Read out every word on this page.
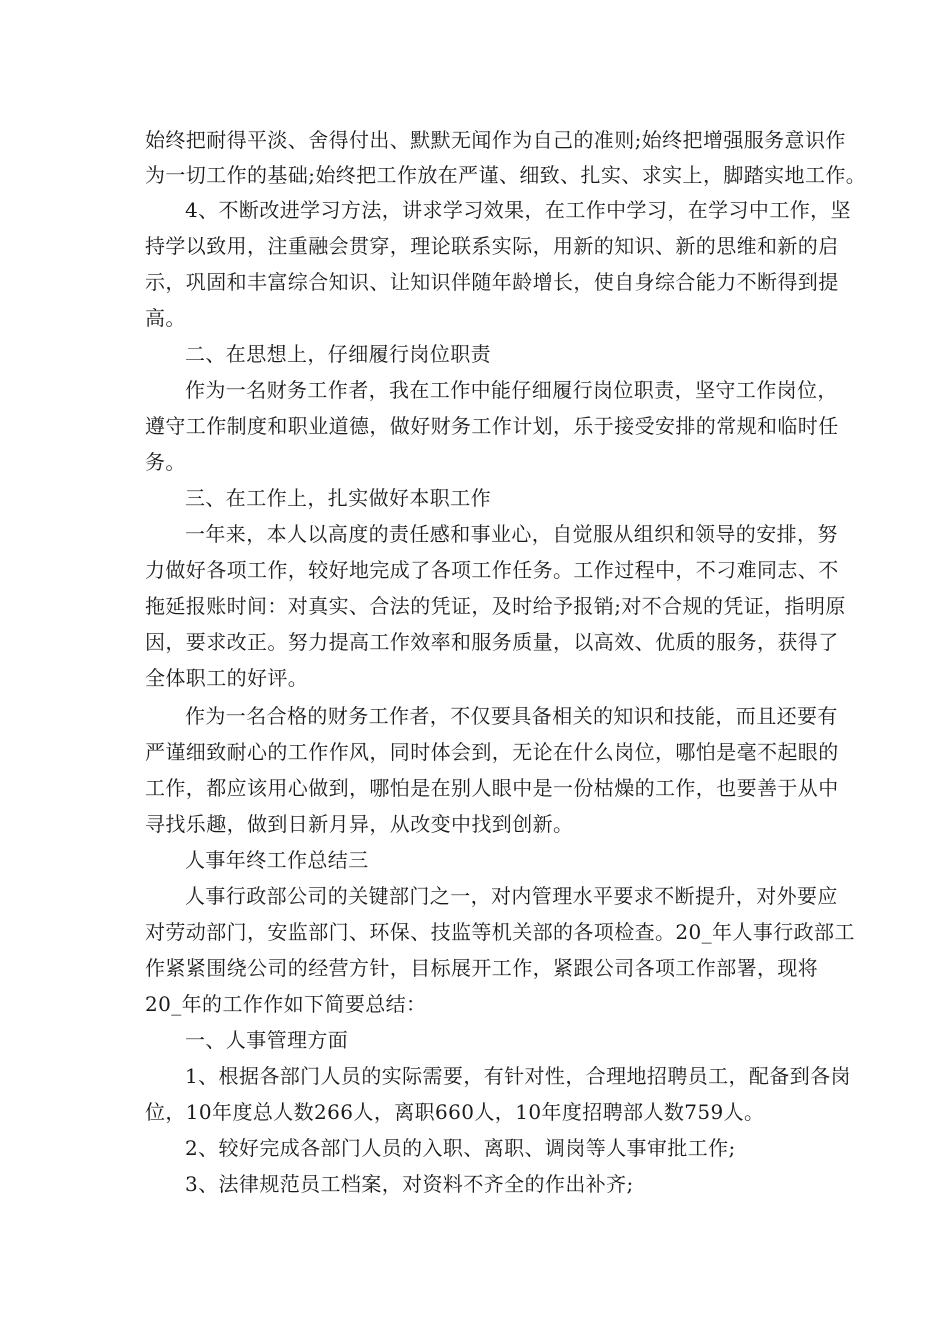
始终把耐得平淡、舍得付出、默默无闻作为自己的准则;始终把增强服务意识作
为一切工作的基础;始终把工作放在严谨、细致、扎实、求实上，脚踏实地工作。
4、不断改进学习方法，讲求学习效果，在工作中学习，在学习中工作，坚
持学以致用，注重融会贯穿，理论联系实际，用新的知识、新的思维和新的启
示，巩固和丰富综合知识、让知识伴随年龄增长，使自身综合能力不断得到提
高。
二、在思想上，仔细履行岗位职责
作为一名财务工作者，我在工作中能仔细履行岗位职责，坚守工作岗位，
遵守工作制度和职业道德，做好财务工作计划，乐于接受安排的常规和临时任
务。
三、在工作上，扎实做好本职工作
一年来，本人以高度的责任感和事业心，自觉服从组织和领导的安排，努
力做好各项工作，较好地完成了各项工作任务。工作过程中，不刁难同志、不
拖延报账时间：对真实、合法的凭证，及时给予报销;对不合规的凭证，指明原
因，要求改正。努力提高工作效率和服务质量，以高效、优质的服务，获得了
全体职工的好评。
作为一名合格的财务工作者，不仅要具备相关的知识和技能，而且还要有
严谨细致耐心的工作作风，同时体会到，无论在什么岗位，哪怕是毫不起眼的
工作，都应该用心做到，哪怕是在别人眼中是一份枯燥的工作，也要善于从中
寻找乐趣，做到日新月异，从改变中找到创新。
人事年终工作总结三
人事行政部公司的关键部门之一，对内管理水平要求不断提升，对外要应
对劳动部门，安监部门、环保、技监等机关部的各项检查。20_年人事行政部工
作紧紧围绕公司的经营方针，目标展开工作，紧跟公司各项工作部署，现将
20_年的工作作如下简要总结：
一、人事管理方面
1、根据各部门人员的实际需要，有针对性，合理地招聘员工，配备到各岗
位，10年度总人数266人，离职660人，10年度招聘部人数759人。
2、较好完成各部门人员的入职、离职、调岗等人事审批工作;
3、法律规范员工档案，对资料不齐全的作出补齐;
